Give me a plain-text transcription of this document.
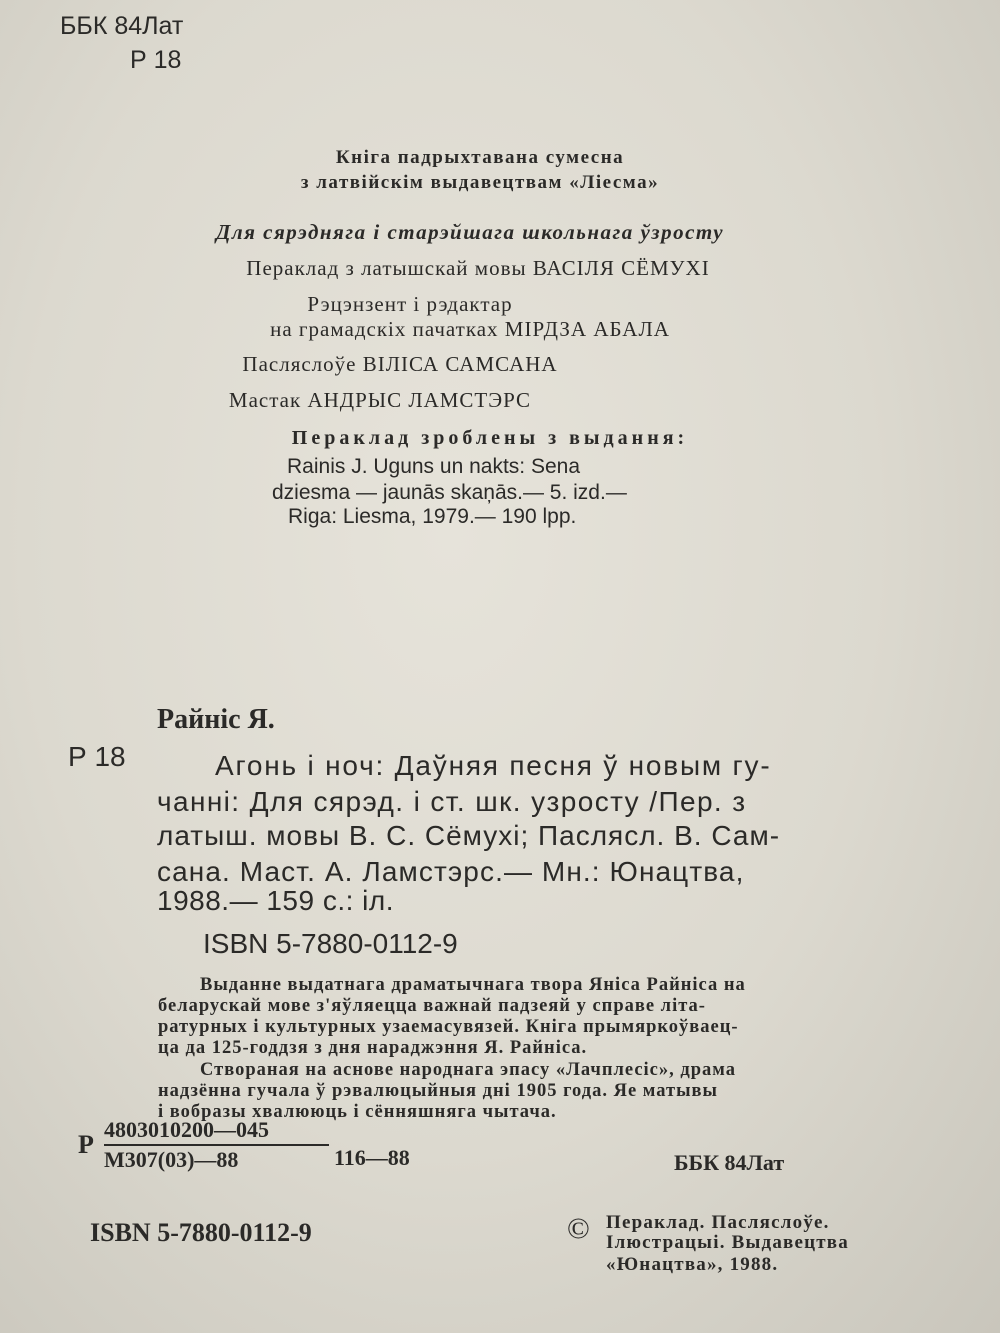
ББК 84Лат
Р 18
Кніга падрыхтавана сумесна
з латвійскім выдавецтвам «Ліесма»
Для сярэдняга і старэйшага школьнага ўзросту
Пераклад з латышскай мовы ВАСІЛЯ СЁМУХІ
Рэцэнзент і рэдактар
на грамадскіх пачатках МІРДЗА АБАЛА
Пасляслоўе ВІЛІСА САМСАНА
Мастак АНДРЫС ЛАМСТЭРС
Пераклад зроблены з выдання:
Rainis J. Uguns un nakts: Sena
dziesma — jaunās skaņās.— 5. izd.—
Riga: Liesma, 1979.— 190 lpp.
Райніс Я.
Р 18	Агонь і ноч: Даўняя песня ў новым гу-
чанні: Для сярэд. і ст. шк. узросту /Пер. з
латыш. мовы В. С. Сёмухі; Пасляcл. В. Сам-
сана. Маст. А. Ламстэрс.— Мн.: Юнацтва,
1988.— 159 с.: іл.
ISBN 5-7880-0112-9
Выданне выдатнага драматычнага твора Яніса Райніса на
беларускай мове з'яўляецца важнай падзеяй у справе літа-
ратурных і культурных узаемасувязей. Кніга прымяркоўваец-
ца да 125-годдзя з дня нараджэння Я. Райніса.
Створаная на аснове народнага эпасу «Лачплесіс», драма
надзённа гучала ў рэвалюцыйныя дні 1905 года. Яе матывы
і вобразы хвалююць і сённяшняга чытача.
Р
4803010200—045
М307(03)—88	116—88	ББК 84Лат
ISBN 5-7880-0112-9	© Пераклад. Пасляслоўе.
Ілюстрацыі. Выдавецтва
«Юнацтва», 1988.
